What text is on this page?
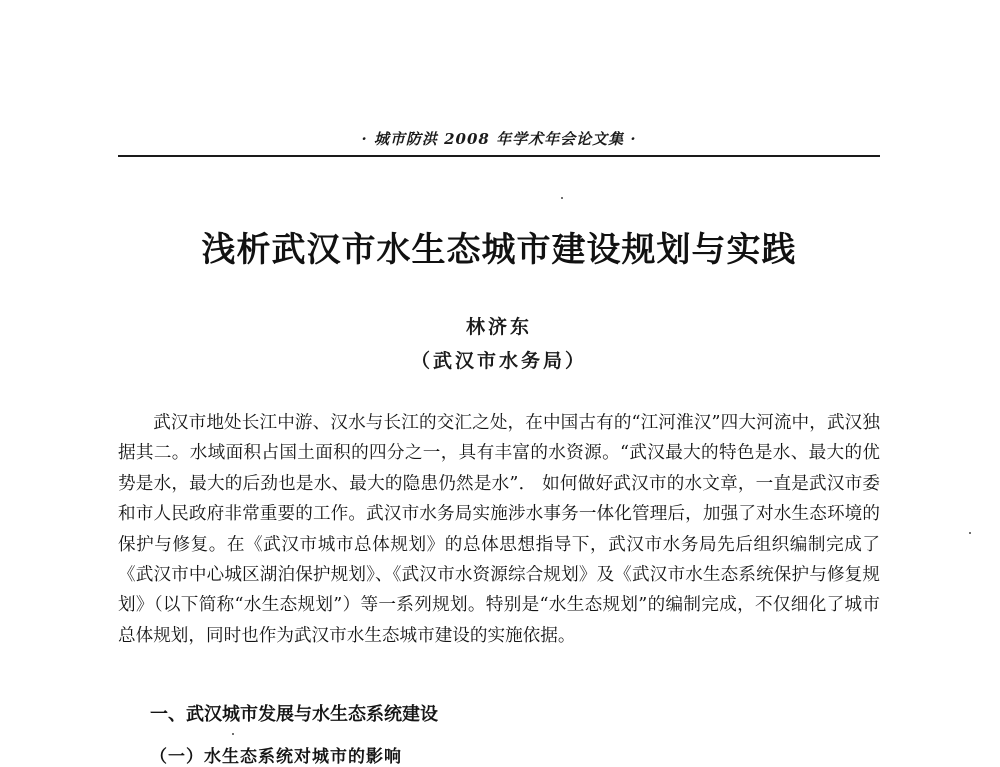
· 城市防洪 2008 年学术年会论文集 ·
浅析武汉市水生态城市建设规划与实践
林济东
（武汉市水务局）

武汉市地处长江中游、汉水与长江的交汇之处，在中国古有的“江河淮汉”四大河流中，武汉独据其二。水域面积占国土面积的四分之一，具有丰富的水资源。“武汉最大的特色是水、最大的优势是水，最大的后劲也是水、最大的隐患仍然是水”． 如何做好武汉市的水文章，一直是武汉市委和市人民政府非常重要的工作。武汉市水务局实施涉水事务一体化管理后，加强了对水生态环境的保护与修复。在《武汉市城市总体规划》的总体思想指导下，武汉市水务局先后组织编制完成了《武汉市中心城区湖泊保护规划》、《武汉市水资源综合规划》及《武汉市水生态系统保护与修复规划》（以下简称“水生态规划”）等一系列规划。特别是“水生态规划”的编制完成，不仅细化了城市总体规划，同时也作为武汉市水生态城市建设的实施依据。

一、武汉城市发展与水生态系统建设
（一）水生态系统对城市的影响
